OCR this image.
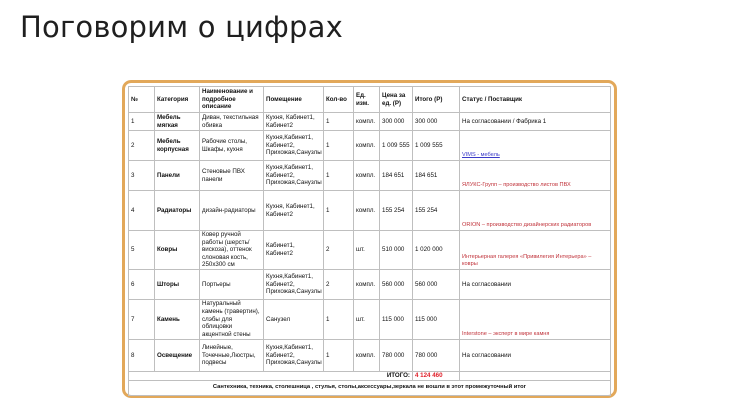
Поговорим о цифрах
№	Категория	Наименование и подробное описание	Помещение	Кол-во	Ед. изм.	Цена за ед. (Р)	Итого (Р)	Статус / Поставщик
1	Мебель мягкая	Диван, текстильная обивка	Кухня, Кабинет1, Кабинет2	1	компл.	300 000	300 000	На согласовании / Фабрика 1
2	Мебель корпусная	Рабочие столы, Шкафы, кухня	Кухня,Кабинет1, Кабинет2, Прихожая,Санузлы	1	компл.	1 009 555	1 009 555	VIMS - мебель
3	Панели	Стеновые ПВХ панели	Кухня,Кабинет1, Кабинет2, Прихожая,Санузлы	1	компл.	184 651	184 651	ЯЛУКС-Групп – производство листов ПВХ
4	Радиаторы	дизайн-радиаторы	Кухня, Кабинет1, Кабинет2	1	компл.	155 254	155 254	ORION – производство дизайнерских радиаторов
5	Ковры	Ковер ручной работы (шерсть/вискоза), оттенок слоновая кость, 250х300 см	Кабинет1, Кабинет2	2	шт.	510 000	1 020 000	Интерьерная галерея «Привилегия Интерьера» – ковры
6	Шторы	Портьеры	Кухня,Кабинет1, Кабинет2, Прихожая,Санузлы	2	компл.	560 000	560 000	На согласовании
7	Камень	Натуральный камень (травертин), слэбы для облицовки акцентной стены	Санузел	1	шт.	115 000	115 000	Interstone – эксперт в мире камня
8	Освещение	Линейные, Точечные,Люстры, подвесы	Кухня,Кабинет1, Кабинет2, Прихожая,Санузлы	1	компл.	780 000	780 000	На согласовании
ИТОГО:							4 124 460	
Сантехника, техника, столешница , стулья, столы,аксессуары,зеркала не вошли в этот промежуточный итог								
